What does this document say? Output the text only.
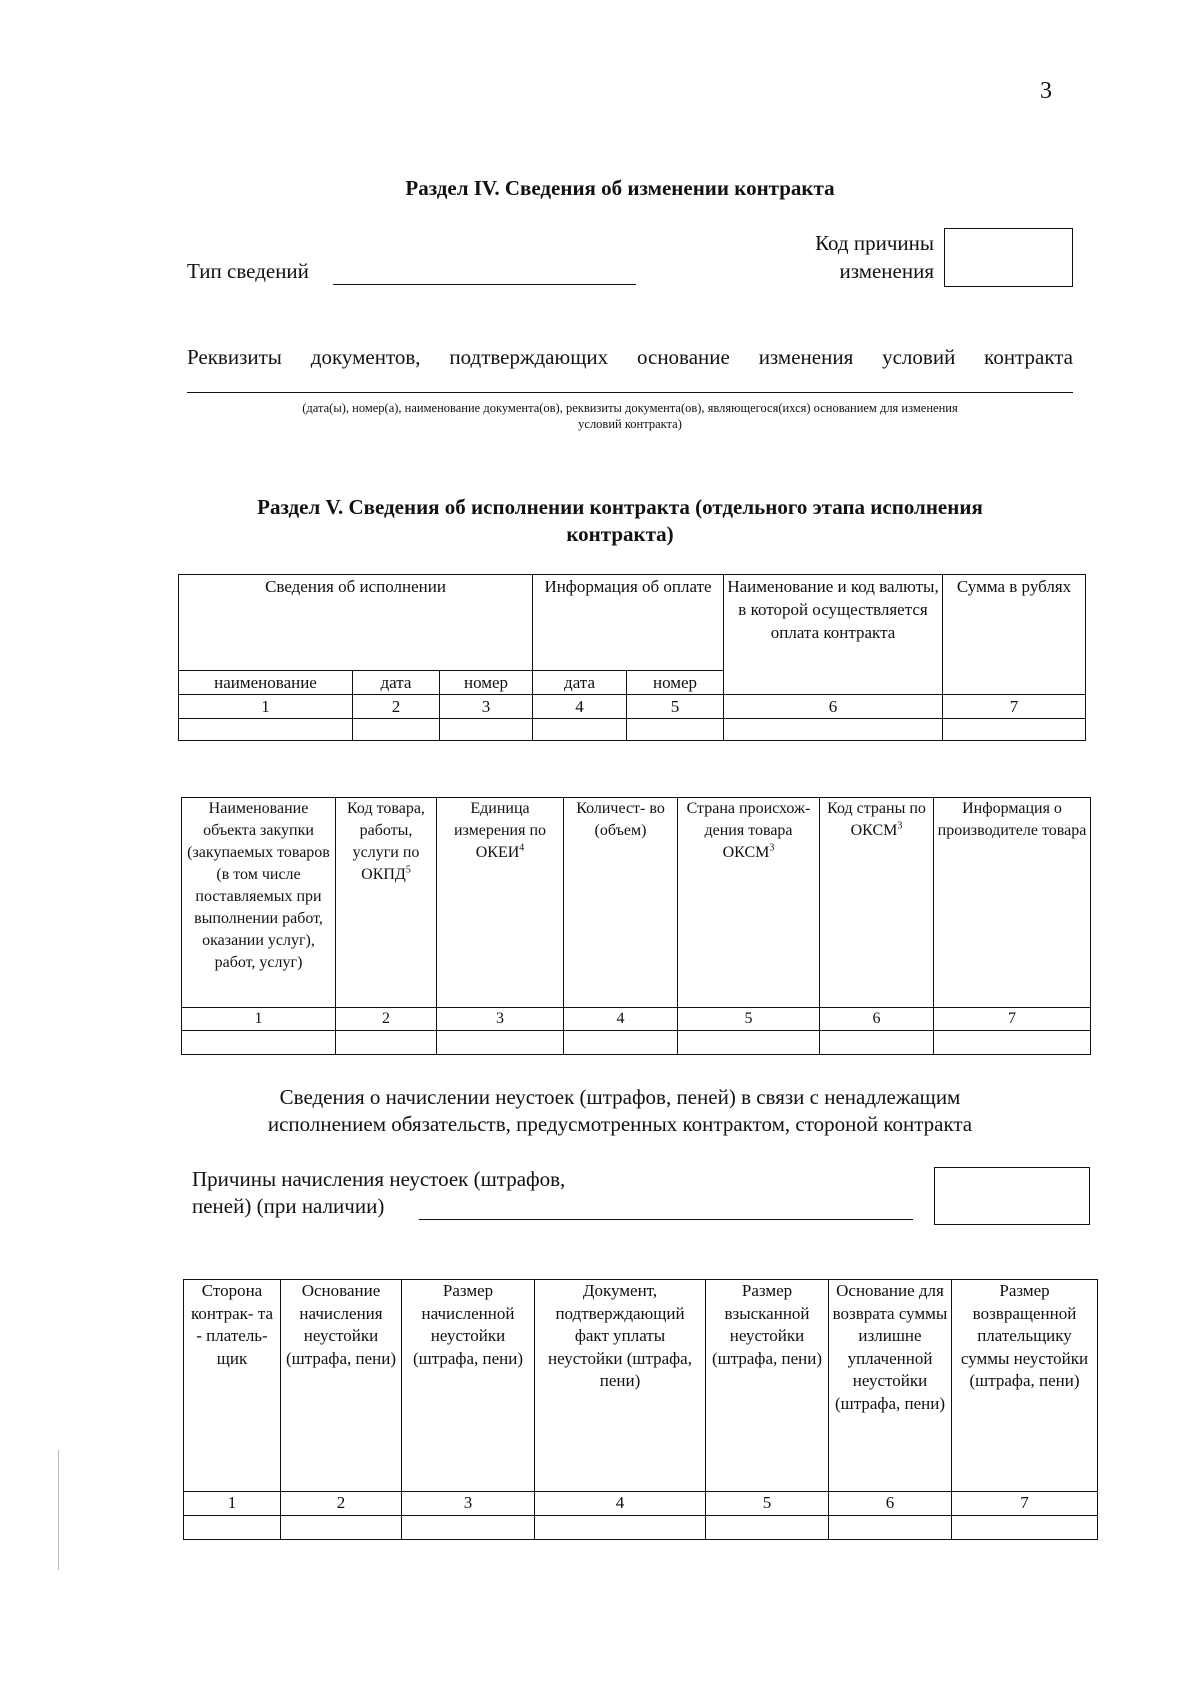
3
Раздел IV. Сведения об изменении контракта
Тип сведений
Код причины
изменения
Реквизиты документов, подтверждающих основание изменения условий контракта
(дата(ы), номер(а), наименование документа(ов), реквизиты документа(ов), являющегося(ихся) основанием для изменения
условий контракта)
Раздел V. Сведения об исполнении контракта (отдельного этапа исполнения
контракта)
Сведения об исполнении			Информация об оплате		Наименование и код валюты, в которой осуществляется оплата контракта	Сумма в рублях
наименование	дата	номер	дата	номер		
1	2	3	4	5	6	7

Наименование объекта закупки (закупаемых товаров (в том числе поставляемых при выполнении работ, оказании услуг), работ, услуг)	Код товара, работы, услуги по ОКПД$^5$	Единица измерения по ОКЕИ$^4$	Количест- во (объем)	Страна происхож- дения товара ОКСМ$^3$	Код страны по ОКСМ$^3$	Информация о производителе товара
1	2	3	4	5	6	7

Сведения о начислении неустоек (штрафов, пеней) в связи с ненадлежащим
исполнением обязательств, предусмотренных контрактом, стороной контракта
Причины начисления неустоек (штрафов,
пеней) (при наличии)
Сторона контрак- та - платель- щик	Основание начисления неустойки (штрафа, пени)	Размер начисленной неустойки (штрафа, пени)	Документ, подтверждающий факт уплаты неустойки (штрафа, пени)	Размер взысканной неустойки (штрафа, пени)	Основание для возврата суммы излишне уплаченной неустойки (штрафа, пени)	Размер возвращенной плательщику суммы неустойки (штрафа, пени)
1	2	3	4	5	6	7
